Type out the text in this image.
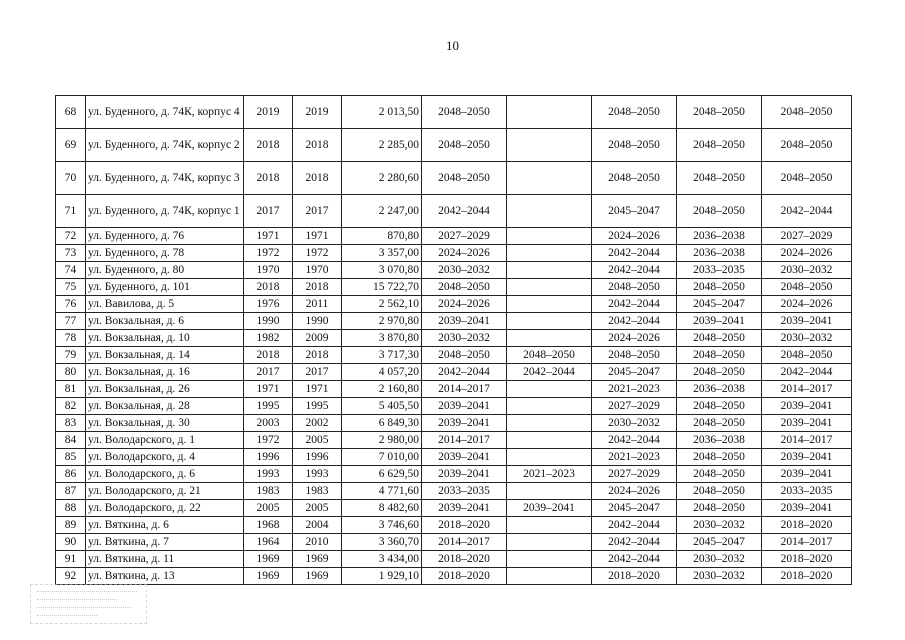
10
68	ул. Буденного, д. 74К, корпус 4	2019	2019	2 013,50	2048–2050		2048–2050	2048–2050	2048–2050
69	ул. Буденного, д. 74К, корпус 2	2018	2018	2 285,00	2048–2050		2048–2050	2048–2050	2048–2050
70	ул. Буденного, д. 74К, корпус 3	2018	2018	2 280,60	2048–2050		2048–2050	2048–2050	2048–2050
71	ул. Буденного, д. 74К, корпус 1	2017	2017	2 247,00	2042–2044		2045–2047	2048–2050	2042–2044
72	ул. Буденного, д. 76	1971	1971	870,80	2027–2029		2024–2026	2036–2038	2027–2029
73	ул. Буденного, д. 78	1972	1972	3 357,00	2024–2026		2042–2044	2036–2038	2024–2026
74	ул. Буденного, д. 80	1970	1970	3 070,80	2030–2032		2042–2044	2033–2035	2030–2032
75	ул. Буденного, д. 101	2018	2018	15 722,70	2048–2050		2048–2050	2048–2050	2048–2050
76	ул. Вавилова, д. 5	1976	2011	2 562,10	2024–2026		2042–2044	2045–2047	2024–2026
77	ул. Вокзальная, д. 6	1990	1990	2 970,80	2039–2041		2042–2044	2039–2041	2039–2041
78	ул. Вокзальная, д. 10	1982	2009	3 870,80	2030–2032		2024–2026	2048–2050	2030–2032
79	ул. Вокзальная, д. 14	2018	2018	3 717,30	2048–2050	2048–2050	2048–2050	2048–2050	2048–2050
80	ул. Вокзальная, д. 16	2017	2017	4 057,20	2042–2044	2042–2044	2045–2047	2048–2050	2042–2044
81	ул. Вокзальная, д. 26	1971	1971	2 160,80	2014–2017		2021–2023	2036–2038	2014–2017
82	ул. Вокзальная, д. 28	1995	1995	5 405,50	2039–2041		2027–2029	2048–2050	2039–2041
83	ул. Вокзальная, д. 30	2003	2002	6 849,30	2039–2041		2030–2032	2048–2050	2039–2041
84	ул. Володарского, д. 1	1972	2005	2 980,00	2014–2017		2042–2044	2036–2038	2014–2017
85	ул. Володарского, д. 4	1996	1996	7 010,00	2039–2041		2021–2023	2048–2050	2039–2041
86	ул. Володарского, д. 6	1993	1993	6 629,50	2039–2041	2021–2023	2027–2029	2048–2050	2039–2041
87	ул. Володарского, д. 21	1983	1983	4 771,60	2033–2035		2024–2026	2048–2050	2033–2035
88	ул. Володарского, д. 22	2005	2005	8 482,60	2039–2041	2039–2041	2045–2047	2048–2050	2039–2041
89	ул. Вяткина, д. 6	1968	2004	3 746,60	2018–2020		2042–2044	2030–2032	2018–2020
90	ул. Вяткина, д. 7	1964	2010	3 360,70	2014–2017		2042–2044	2045–2047	2014–2017
91	ул. Вяткина, д. 11	1969	1969	3 434,00	2018–2020		2042–2044	2030–2032	2018–2020
92	ул. Вяткина, д. 13	1969	1969	1 929,10	2018–2020		2018–2020	2030–2032	2018–2020
